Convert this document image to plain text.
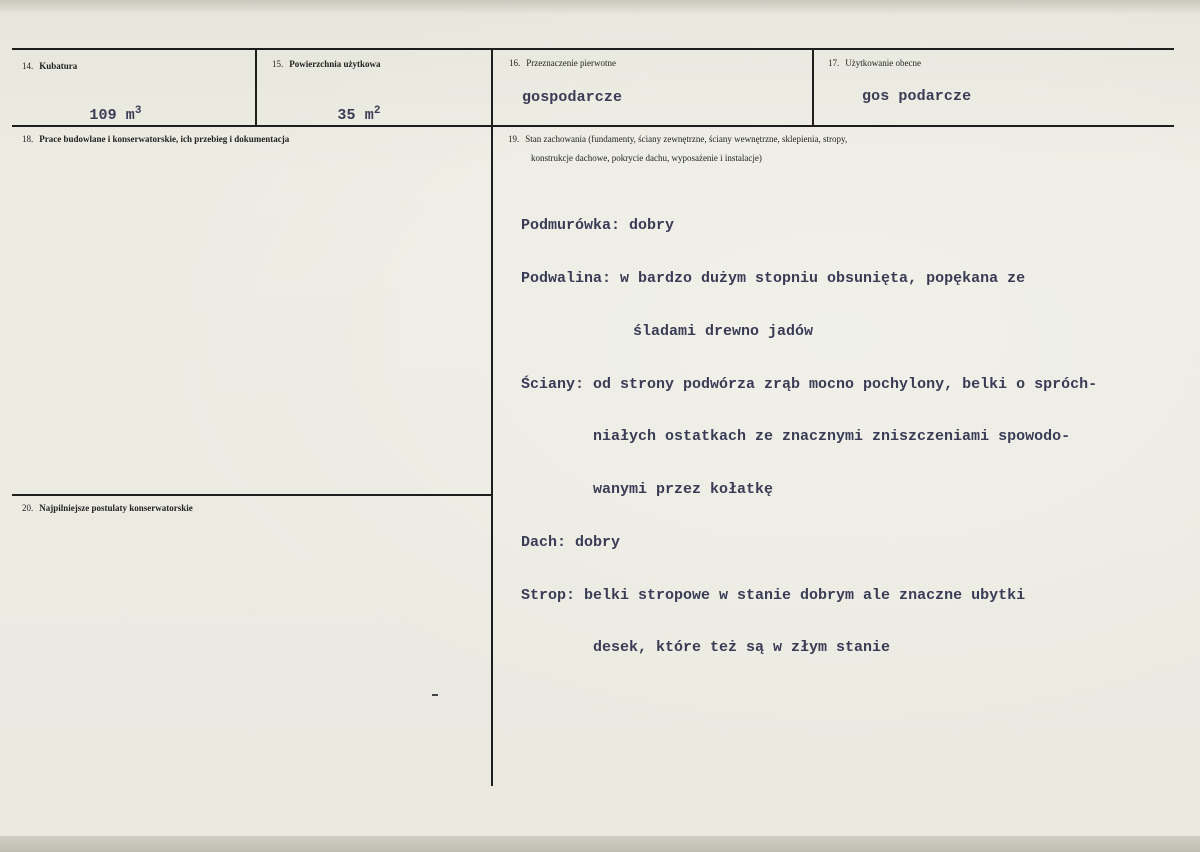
14. Kubatura

109 $m^3$

15. Powierzchnia użytkowa

35 $m^2$

16. Przeznaczenie pierwotne
gospodarcze
17. Użytkowanie obecne
gos podarcze
18. Prace budowlane i konserwatorskie, ich przebieg i dokumentacja	19. Stan zachowania (fundamenty, ściany zewnętrzne, ściany wewnętrzne, sklepienia, stropy,
konstrukcje dachowe, pokrycie dachu, wyposażenie i instalacje)

Podmurówka: dobry

Podwalina: w bardzo dużym stopniu obsunięta, popękana ze

śladami drewno jadów

Ściany: od strony podwórza zrąb mocno pochylony, belki o spróch-

niałych ostatkach ze znacznymi zniszczeniami spowodo-

wanymi przez kołatkę

Dach: dobry

Strop: belki stropowe w stanie dobrym ale znaczne ubytki

desek, które też są w złym stanie

20. Najpilniejsze postulaty konserwatorskie
